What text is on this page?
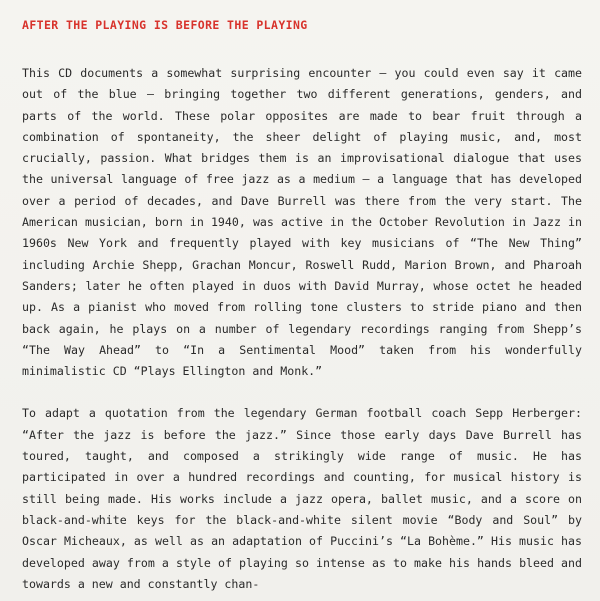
AFTER THE PLAYING IS BEFORE THE PLAYING

This CD documents a somewhat surprising encounter – you could even say it came out of the blue – bringing together two different generations, genders, and parts of the world. These polar opposites are made to bear fruit through a combination of spontaneity, the sheer delight of playing music, and, most crucially, passion. What bridges them is an improvisational dialogue that uses the universal language of free jazz as a medium – a language that has developed over a period of decades, and Dave Burrell was there from the very start. The American musician, born in 1940, was active in the October Revolution in Jazz in 1960s New York and frequently played with key musicians of “The New Thing” including Archie Shepp, Grachan Moncur, Roswell Rudd, Marion Brown, and Pharoah Sanders; later he often played in duos with David Murray, whose octet he headed up. As a pianist who moved from rolling tone clusters to stride piano and then back again, he plays on a number of legendary recordings ranging from Shepp’s “The Way Ahead” to “In a Sentimental Mood” taken from his wonderfully minimalistic CD “Plays Ellington and Monk.”

To adapt a quotation from the legendary German football coach Sepp Herberger: “After the jazz is before the jazz.” Since those early days Dave Burrell has toured, taught, and composed a strikingly wide range of music. He has participated in over a hundred recordings and counting, for musical history is still being made. His works include a jazz opera, ballet music, and a score on black-and-white keys for the black-and-white silent movie “Body and Soul” by Oscar Micheaux, as well as an adaptation of Puccini’s “La Bohème.” His music has developed away from a style of playing so intense as to make his hands bleed and towards a new and constantly chan-
